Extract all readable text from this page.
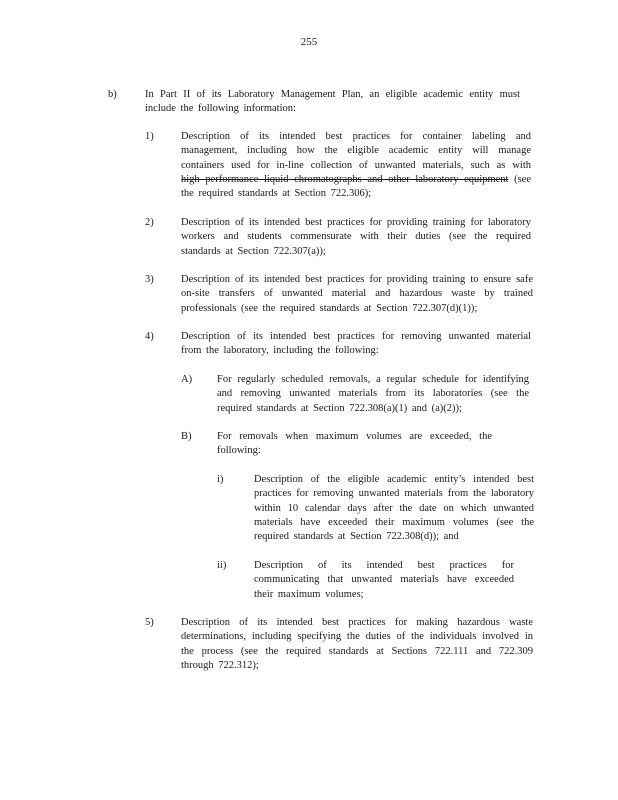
255
b)	In Part II of its Laboratory Management Plan, an eligible academic entity must include the following information:
1)	Description of its intended best practices for container labeling and management, including how the eligible academic entity will manage containers used for in-line collection of unwanted materials, such as with high performance liquid chromatographs and other laboratory equipment (see the required standards at Section 722.306);
2)	Description of its intended best practices for providing training for laboratory workers and students commensurate with their duties (see the required standards at Section 722.307(a));
3)	Description of its intended best practices for providing training to ensure safe on-site transfers of unwanted material and hazardous waste by trained professionals (see the required standards at Section 722.307(d)(1));
4)	Description of its intended best practices for removing unwanted material from the laboratory, including the following:
A) For regularly scheduled removals, a regular schedule for identifying and removing unwanted materials from its laboratories (see the required standards at Section 722.308(a)(1) and (a)(2));
B) For removals when maximum volumes are exceeded, the following:
i)	Description of the eligible academic entity’s intended best practices for removing unwanted materials from the laboratory within 10 calendar days after the date on which unwanted materials have exceeded their maximum volumes (see the required standards at Section 722.308(d)); and
ii)	Description of its intended best practices for communicating that unwanted materials have exceeded their maximum volumes;
5)	Description of its intended best practices for making hazardous waste determinations, including specifying the duties of the individuals involved in the process (see the required standards at Sections 722.111 and 722.309 through 722.312);
